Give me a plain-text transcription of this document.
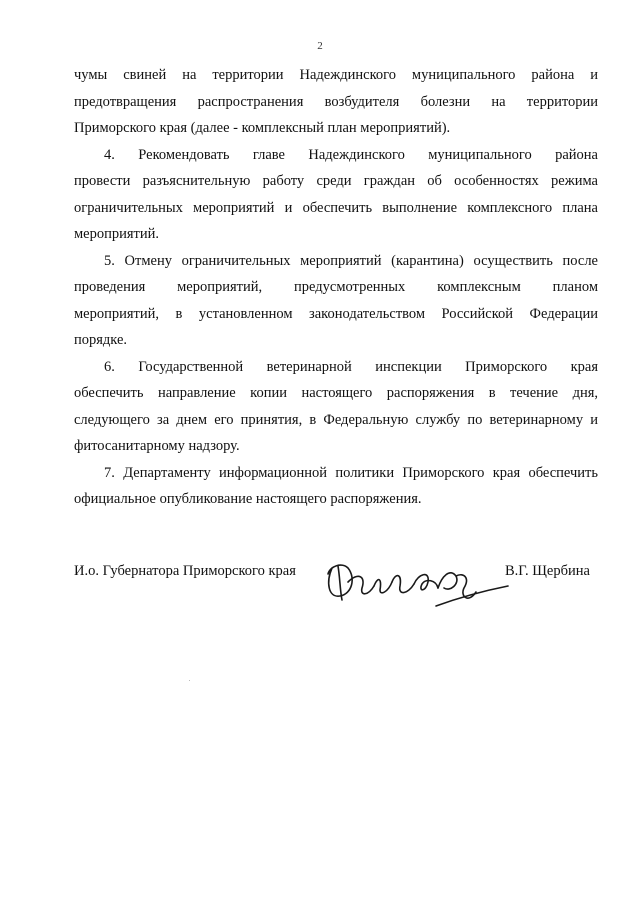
2
чумы свиней на территории Надеждинского муниципального района и
предотвращения распространения возбудителя болезни на территории
Приморского края (далее - комплексный план мероприятий).
4. Рекомендовать главе Надеждинского муниципального района
провести разъяснительную работу среди граждан об особенностях режима
ограничительных мероприятий и обеспечить выполнение комплексного плана
мероприятий.
5. Отмену ограничительных мероприятий (карантина) осуществить после
проведения мероприятий, предусмотренных комплексным планом
мероприятий, в установленном законодательством Российской Федерации
порядке.
6. Государственной ветеринарной инспекции Приморского края
обеспечить направление копии настоящего распоряжения в течение дня,
следующего за днем его принятия, в Федеральную службу по ветеринарному и
фитосанитарному надзору.
7. Департаменту информационной политики Приморского края обеспечить
официальное опубликование настоящего распоряжения.
И.о. Губернатора Приморского края	В.Г. Щербина
